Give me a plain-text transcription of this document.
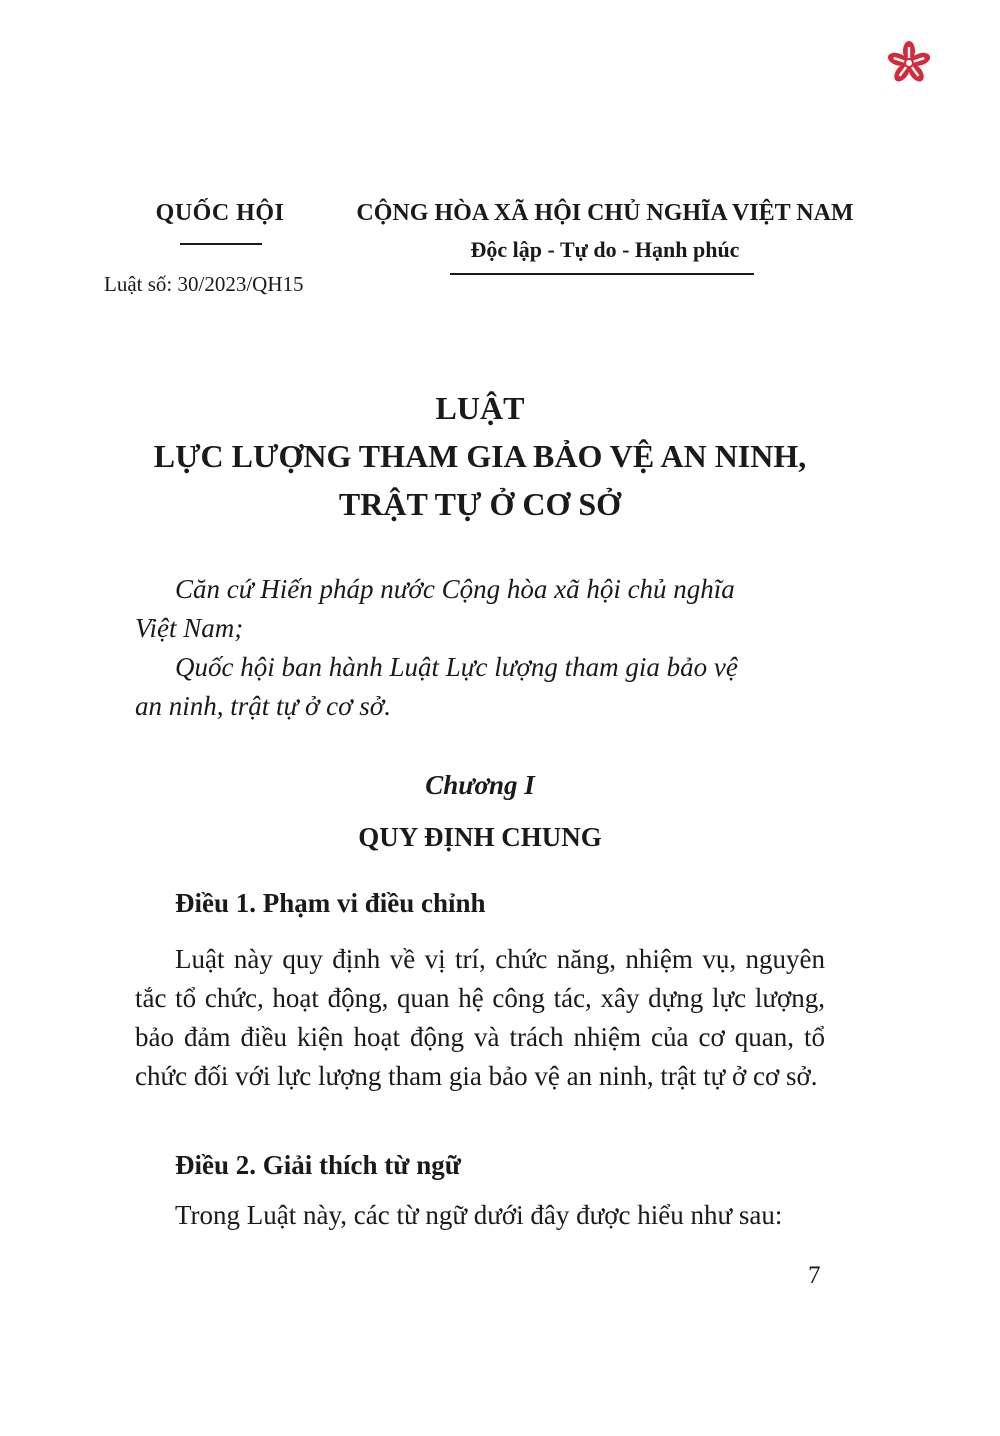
QUỐC HỘI
Luật số: 30/2023/QH15
CỘNG HÒA XÃ HỘI CHỦ NGHĨA VIỆT NAM
Độc lập - Tự do - Hạnh phúc
LUẬT
LỰC LƯỢNG THAM GIA BẢO VỆ AN NINH,
TRẬT TỰ Ở CƠ SỞ
Căn cứ Hiến pháp nước Cộng hòa xã hội chủ nghĩa
Việt Nam;
Quốc hội ban hành Luật Lực lượng tham gia bảo vệ
an ninh, trật tự ở cơ sở.
Chương I
QUY ĐỊNH CHUNG
Điều 1. Phạm vi điều chỉnh
Luật này quy định về vị trí, chức năng, nhiệm vụ, nguyên tắc tổ chức, hoạt động, quan hệ công tác, xây dựng lực lượng, bảo đảm điều kiện hoạt động và trách nhiệm của cơ quan, tổ chức đối với lực lượng tham gia bảo vệ an ninh, trật tự ở cơ sở.
Điều 2. Giải thích từ ngữ
Trong Luật này, các từ ngữ dưới đây được hiểu như sau:
7
